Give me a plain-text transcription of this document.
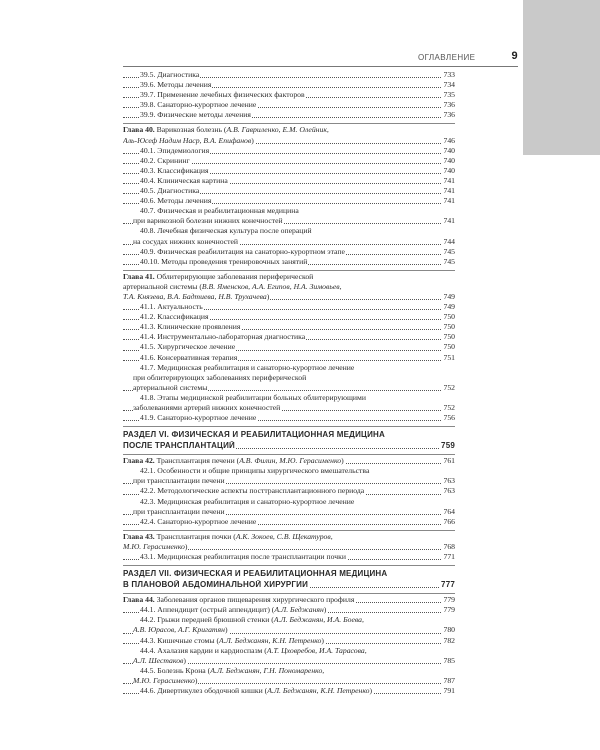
ОГЛАВЛЕНИЕ	9
39.5. Диагностика	733
39.6. Методы лечения	734
39.7. Применение лечебных физических факторов	735
39.8. Санаторно-курортное лечение	736
39.9. Физические методы лечения	736
Глава 40. Варикозная болезнь (А.В. Гавриленко, Е.М. Олейник,
Аль-Юсеф Надим Наср, В.А. Епифанов)	746
40.1. Эпидемиология	740
40.2. Скрининг	740
40.3. Классификация	740
40.4. Клиническая картина	741
40.5. Диагностика	741
40.6. Методы лечения	741
40.7. Физическая и реабилитационная медицина
при варикозной болезни нижних конечностей	741
40.8. Лечебная физическая культура после операций
на сосудах нижних конечностей	744
40.9. Физическая реабилитация на санаторно-курортном этапе	745
40.10. Методы проведения тренировочных занятий	745
Глава 41. Облитерирующие заболевания периферической
артериальной системы (В.В. Яменсков, А.А. Египов, Н.А. Зимовьев,
Т.А. Князева, В.А. Бадтиева, Н.В. Трухачева)	749
41.1. Актуальность	749
41.2. Классификация	750
41.3. Клинические проявления	750
41.4. Инструментально-лабораторная диагностика	750
41.5. Хирургическое лечение	750
41.6. Консервативная терапия	751
41.7. Медицинская реабилитация и санаторно-курортное лечение
при облитерирующих заболеваниях периферической
артериальной системы	752
41.8. Этапы медицинской реабилитации больных облитерирующими
заболеваниями артерий нижних конечностей	752
41.9. Санаторно-курортное лечение	756
РАЗДЕЛ VI. ФИЗИЧЕСКАЯ И РЕАБИЛИТАЦИОННАЯ МЕДИЦИНА
ПОСЛЕ ТРАНСПЛАНТАЦИЙ	759
Глава 42. Трансплантация печени (А.В. Филин, М.Ю. Герасименко)	761
42.1. Особенности и общие принципы хирургического вмешательства
при трансплантации печени	763
42.2. Методологические аспекты посттрансплантационного периода	763
42.3. Медицинская реабилитация и санаторно-курортное лечение
при трансплантации печени	764
42.4. Санаторно-курортное лечение	766
Глава 43. Трансплантация почки (А.К. Зокоев, С.В. Щекатуров,
М.Ю. Герасименко)	768
43.1. Медицинская реабилитация после трансплантации почки	771
РАЗДЕЛ VII. ФИЗИЧЕСКАЯ И РЕАБИЛИТАЦИОННАЯ МЕДИЦИНА
В ПЛАНОВОЙ АБДОМИНАЛЬНОЙ ХИРУРГИИ	777
Глава 44. Заболевания органов пищеварения хирургического профиля	779
44.1. Аппендицит (острый аппендицит) (А.Л. Беджанян)	779
44.2. Грыжи передней брюшной стенки (А.Л. Беджанян, И.А. Боева,
А.В. Юрасов, А.Г. Кригатян)	780
44.3. Кишечные стомы (А.Л. Беджанян, К.Н. Петренко)	782
44.4. Ахалазия кардии и кардиоспазм (А.Т. Цховребов, И.А. Тарасова,
А.Л. Шестаков)	785
44.5. Болезнь Крона (А.Л. Беджанян, Г.Н. Пономаренко,
М.Ю. Герасименко)	787
44.6. Дивертикулез ободочной кишки (А.Л. Беджанян, К.Н. Петренко)	791
